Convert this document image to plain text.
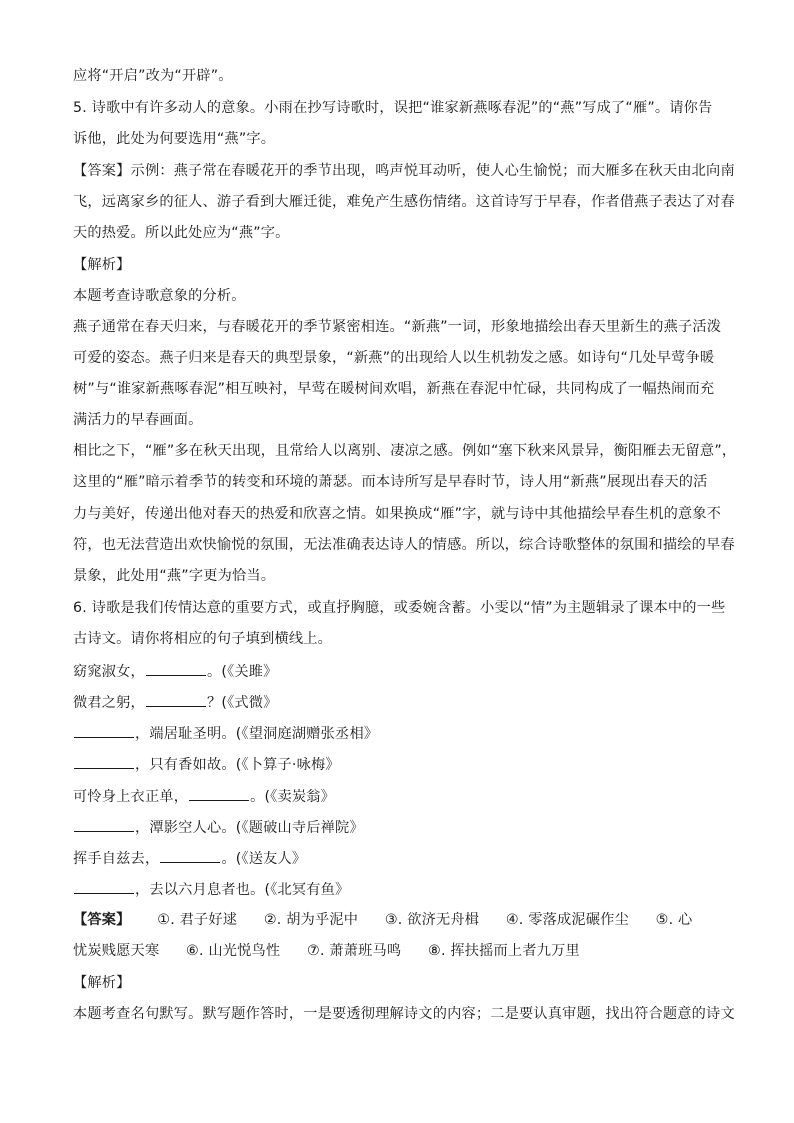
应将“开启”改为“开辟”。
5. 诗歌中有许多动人的意象。小雨在抄写诗歌时，误把“谁家新燕啄春泥”的“燕”写成了“雁”。请你告
诉他，此处为何要选用“燕”字。
【答案】示例：燕子常在春暖花开的季节出现，鸣声悦耳动听，使人心生愉悦；而大雁多在秋天由北向南
飞，远离家乡的征人、游子看到大雁迁徙，难免产生感伤情绪。这首诗写于早春，作者借燕子表达了对春
天的热爱。所以此处应为“燕”字。
【解析】
本题考查诗歌意象的分析。
燕子通常在春天归来，与春暖花开的季节紧密相连。“新燕”一词，形象地描绘出春天里新生的燕子活泼
可爱的姿态。燕子归来是春天的典型景象，“新燕”的出现给人以生机勃发之感。如诗句“几处早莺争暖
树”与“谁家新燕啄春泥”相互映衬，早莺在暖树间欢唱，新燕在春泥中忙碌，共同构成了一幅热闹而充
满活力的早春画面。
相比之下，“雁”多在秋天出现，且常给人以离别、凄凉之感。例如“塞下秋来风景异，衡阳雁去无留意”，
这里的“雁”暗示着季节的转变和环境的萧瑟。而本诗所写是早春时节，诗人用“新燕”展现出春天的活
力与美好，传递出他对春天的热爱和欣喜之情。如果换成“雁”字，就与诗中其他描绘早春生机的意象不
符，也无法营造出欢快愉悦的氛围，无法准确表达诗人的情感。所以，综合诗歌整体的氛围和描绘的早春
景象，此处用“燕”字更为恰当。
6. 诗歌是我们传情达意的重要方式，或直抒胸臆，或委婉含蓄。小雯以“情”为主题辑录了课本中的一些
古诗文。请你将相应的句子填到横线上。
窈窕淑女，	。(《关雎》
微君之躬，	？(《式微》
，端居耻圣明。(《望洞庭湖赠张丞相》
，只有香如故。(《卜算子·咏梅》
可怜身上衣正单，	。(《卖炭翁》
，潭影空人心。(《题破山寺后禅院》
挥手自兹去，	。(《送友人》
，去以六月息者也。(《北冥有鱼》
【答案】 ①. 君子好逑 ②. 胡为乎泥中 ③. 欲济无舟楫 ④. 零落成泥碾作尘 ⑤. 心
忧炭贱愿天寒 ⑥. 山光悦鸟性 ⑦. 萧萧班马鸣 ⑧. 挥扶摇而上者九万里
【解析】
本题考查名句默写。默写题作答时，一是要透彻理解诗文的内容；二是要认真审题，找出符合题意的诗文
